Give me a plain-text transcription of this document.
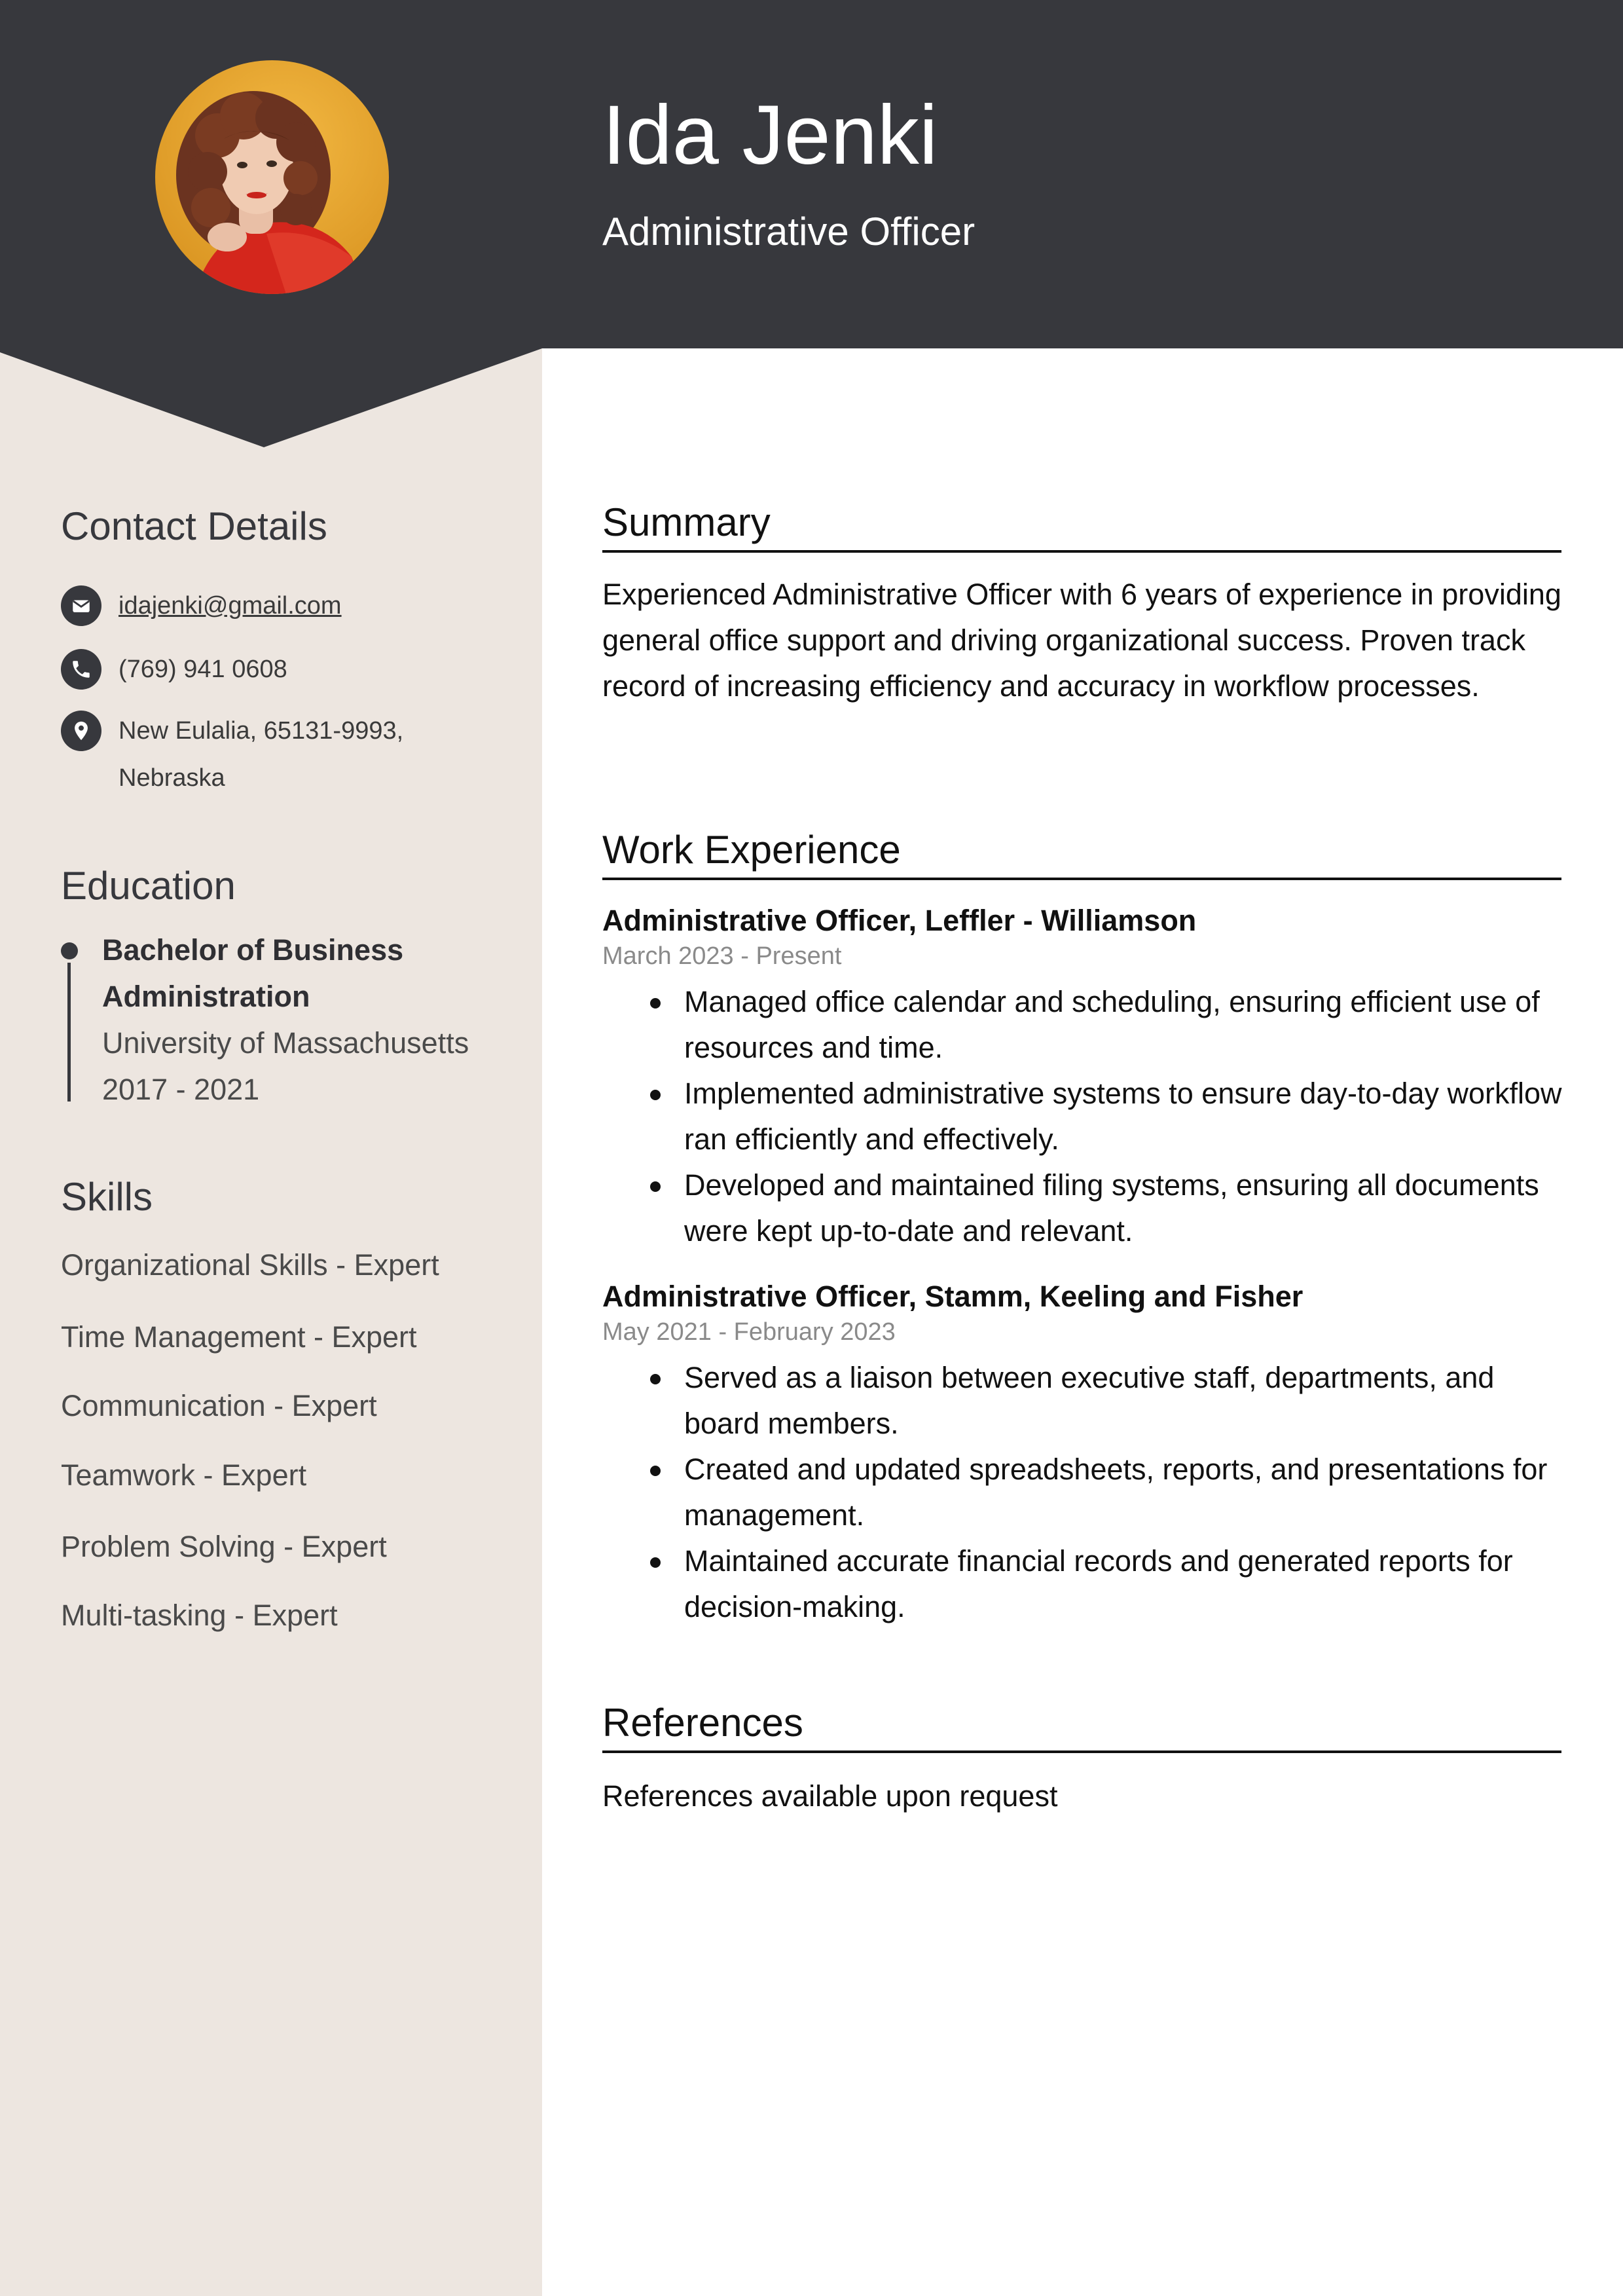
Ida Jenki
Administrative Officer
Contact Details
idajenki@gmail.com
(769) 941 0608
New Eulalia, 65131-9993,
Nebraska
Education
Bachelor of Business
Administration
University of Massachusetts
2017 - 2021
Skills
Organizational Skills - Expert
Time Management - Expert
Communication - Expert
Teamwork - Expert
Problem Solving - Expert
Multi-tasking - Expert
Summary
Experienced Administrative Officer with 6 years of experience in providing general office support and driving organizational success. Proven track record of increasing efficiency and accuracy in workflow processes.
Work Experience
Administrative Officer, Leffler - Williamson
March 2023 - Present
Managed office calendar and scheduling, ensuring efficient use of resources and time.
Implemented administrative systems to ensure day-to-day workflow ran efficiently and effectively.
Developed and maintained filing systems, ensuring all documents were kept up-to-date and relevant.
Administrative Officer, Stamm, Keeling and Fisher
May 2021 - February 2023
Served as a liaison between executive staff, departments, and board members.
Created and updated spreadsheets, reports, and presentations for management.
Maintained accurate financial records and generated reports for decision-making.
References
References available upon request
